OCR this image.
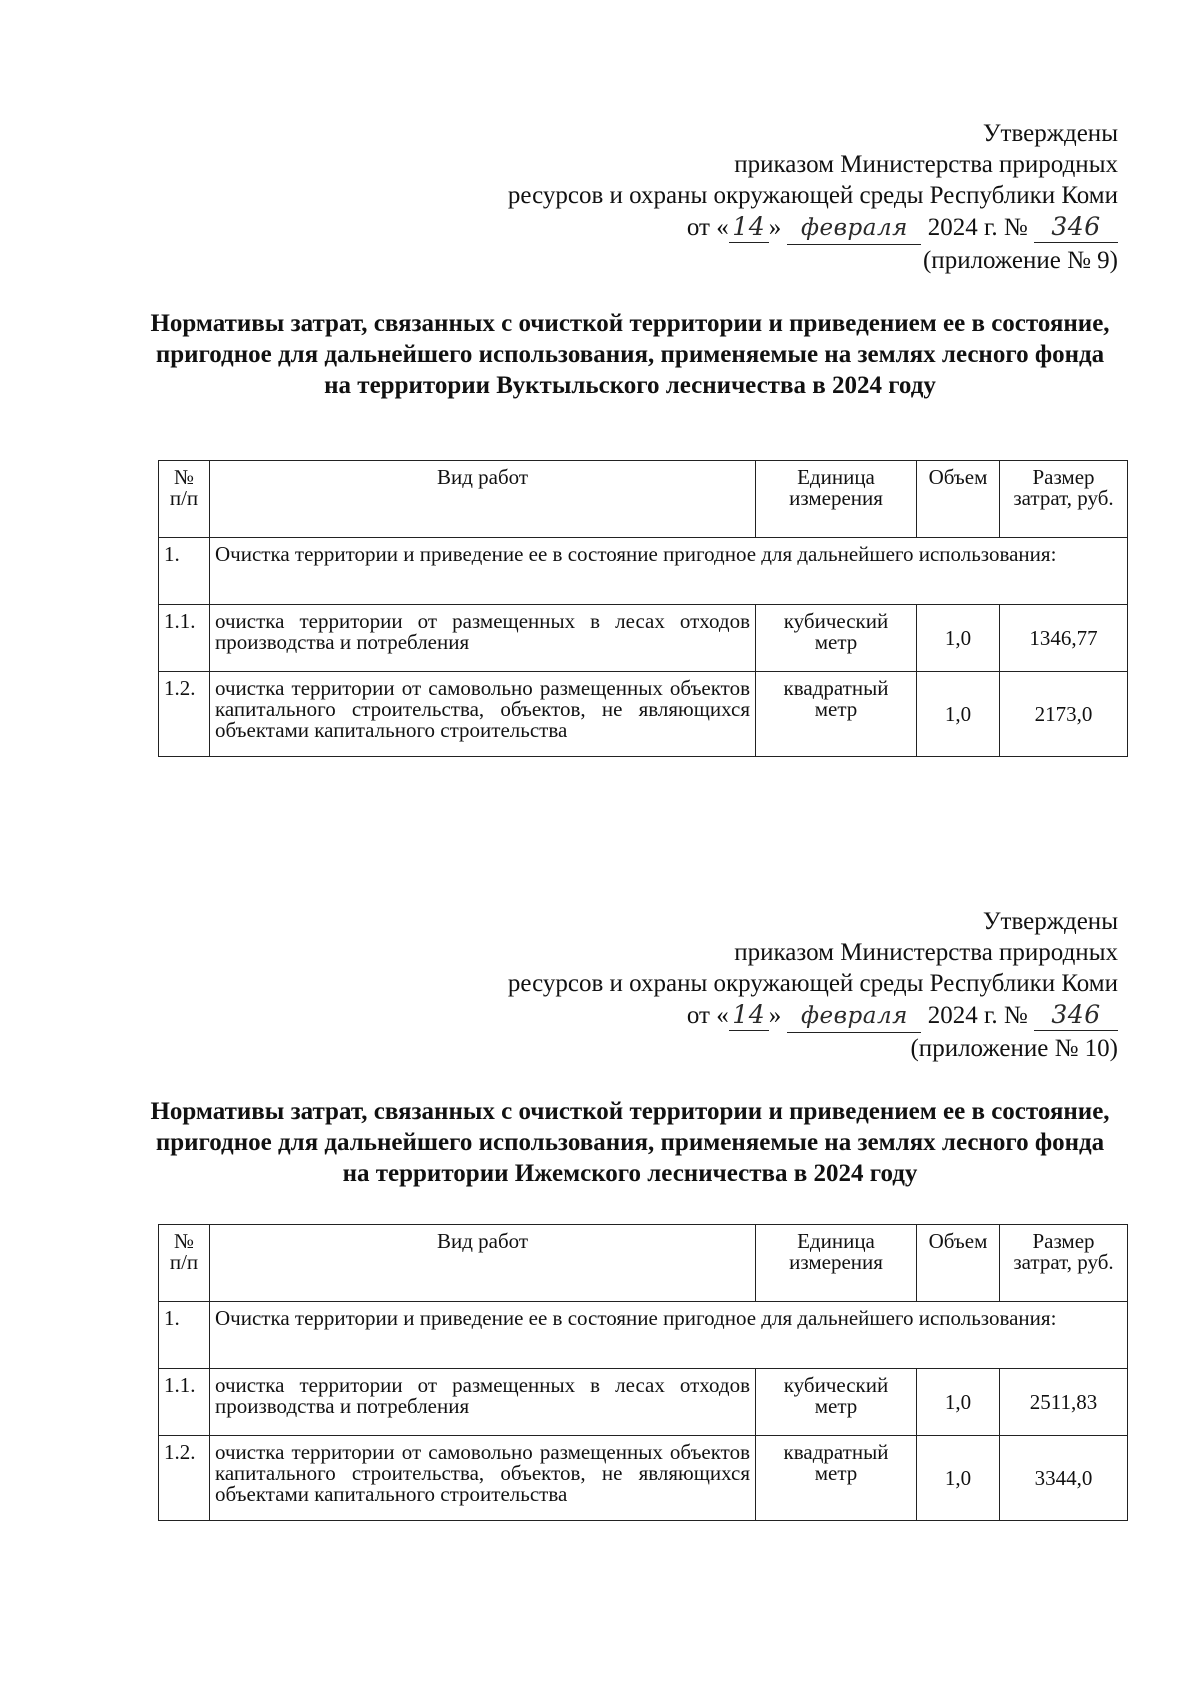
Утверждены
приказом Министерства природных
ресурсов и охраны окружающей среды Республики Коми
от « 14 » февраля 2024 г. № 346
(приложение № 9)
Нормативы затрат, связанных с очисткой территории и приведением ее в состояние, пригодное для дальнейшего использования, применяемые на землях лесного фонда на территории Вуктыльского лесничества в 2024 году
№ п/п	Вид работ	Единица измерения	Объем	Размер затрат, руб.
1.	Очистка территории и приведение ее в состояние пригодное для дальнейшего использования:			
1.1.	очистка территории от размещенных в лесах отходов производства и потребления	кубический метр	1,0	1346,77
1.2.	очистка территории от самовольно размещенных объектов капитального строительства, объектов, не являющихся объектами капитального строительства	квадратный метр	1,0	2173,0
Утверждены
приказом Министерства природных
ресурсов и охраны окружающей среды Республики Коми
от « 14 » февраля 2024 г. № 346
(приложение № 10)
Нормативы затрат, связанных с очисткой территории и приведением ее в состояние, пригодное для дальнейшего использования, применяемые на землях лесного фонда на территории Ижемского лесничества в 2024 году
№ п/п	Вид работ	Единица измерения	Объем	Размер затрат, руб.
1.	Очистка территории и приведение ее в состояние пригодное для дальнейшего использования:			
1.1.	очистка территории от размещенных в лесах отходов производства и потребления	кубический метр	1,0	2511,83
1.2.	очистка территории от самовольно размещенных объектов капитального строительства, объектов, не являющихся объектами капитального строительства	квадратный метр	1,0	3344,0
